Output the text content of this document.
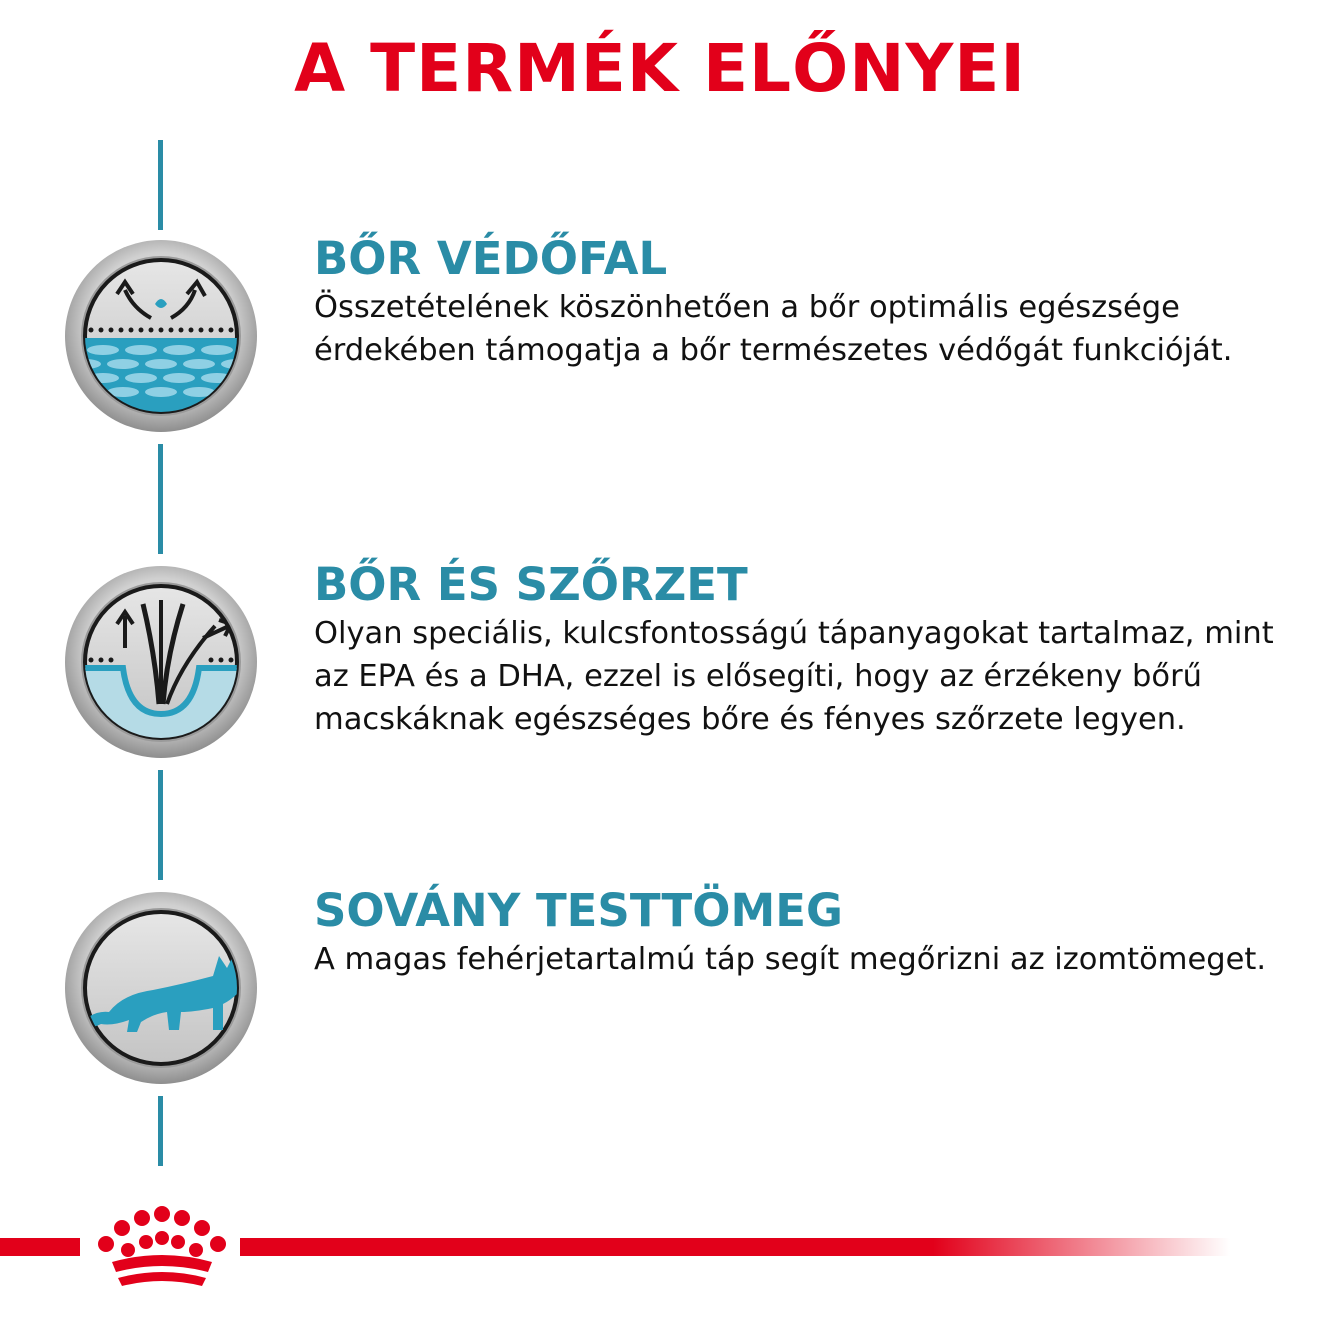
A TERMÉK ELŐNYEI
BŐR VÉDŐFAL

Összetételének köszönhetően a bőr optimális egészsége érdekében támogatja a bőr természetes védőgát funkcióját.

BŐR ÉS SZŐRZET

Olyan speciális, kulcsfontosságú tápanyagokat tartalmaz, mint az EPA és a DHA, ezzel is elősegíti, hogy az érzékeny bőrű macskáknak egészséges bőre és fényes szőrzete legyen.

SOVÁNY TESTTÖMEG

A magas fehérjetartalmú táp segít megőrizni az izomtömeget.
